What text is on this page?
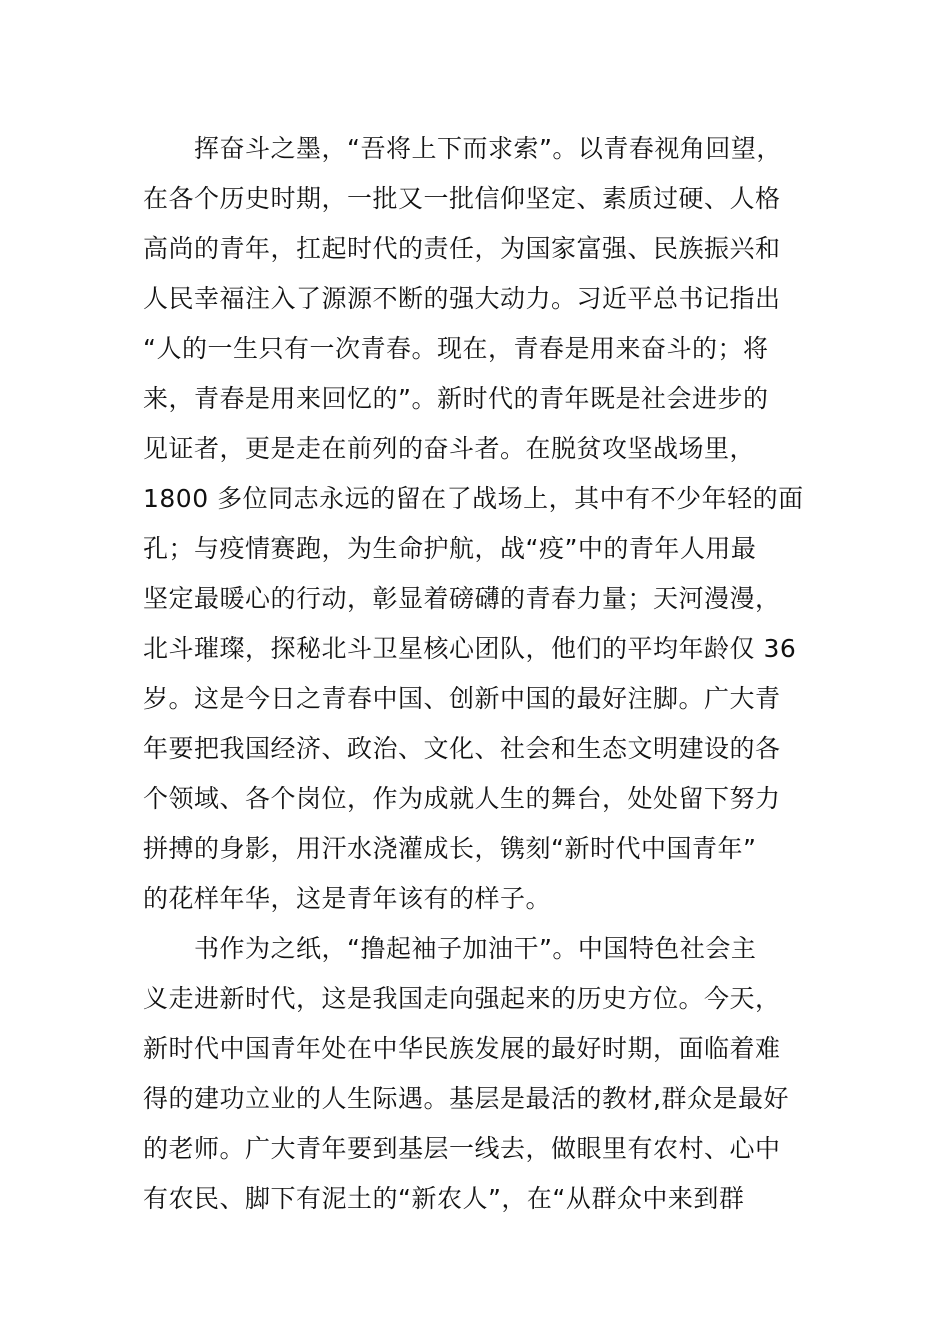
　　挥奋斗之墨，“吾将上下而求索”。以青春视角回望，
在各个历史时期，一批又一批信仰坚定、素质过硬、人格
高尚的青年，扛起时代的责任，为国家富强、民族振兴和
人民幸福注入了源源不断的强大动力。习近平总书记指出
“人的一生只有一次青春。现在，青春是用来奋斗的；将
来，青春是用来回忆的”。新时代的青年既是社会进步的
见证者，更是走在前列的奋斗者。在脱贫攻坚战场里，
1800 多位同志永远的留在了战场上，其中有不少年轻的面
孔；与疫情赛跑，为生命护航，战“疫”中的青年人用最
坚定最暖心的行动，彰显着磅礴的青春力量；天河漫漫，
北斗璀璨，探秘北斗卫星核心团队，他们的平均年龄仅 36
岁。这是今日之青春中国、创新中国的最好注脚。广大青
年要把我国经济、政治、文化、社会和生态文明建设的各
个领域、各个岗位，作为成就人生的舞台，处处留下努力
拼搏的身影，用汗水浇灌成长，镌刻“新时代中国青年”
的花样年华，这是青年该有的样子。
　　书作为之纸，“撸起袖子加油干”。中国特色社会主
义走进新时代，这是我国走向强起来的历史方位。今天，
新时代中国青年处在中华民族发展的最好时期，面临着难
得的建功立业的人生际遇。基层是最活的教材,群众是最好
的老师。广大青年要到基层一线去，做眼里有农村、心中
有农民、脚下有泥土的“新农人”，在“从群众中来到群
